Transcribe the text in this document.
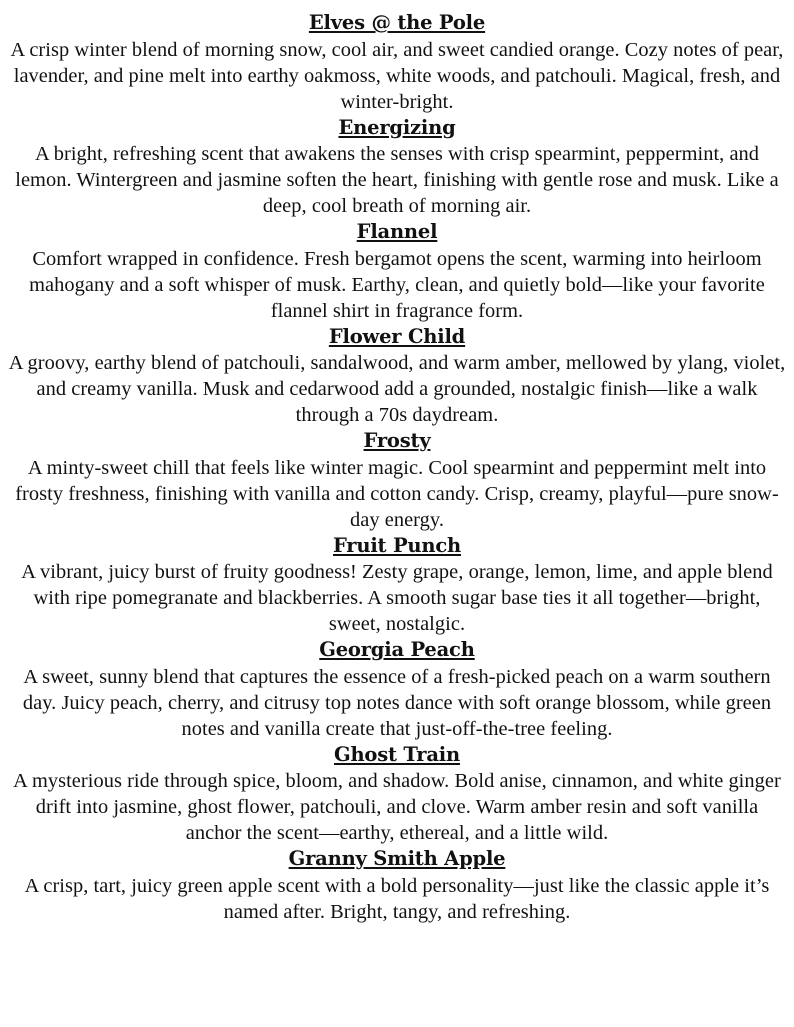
Elves @ the Pole

A crisp winter blend of morning snow, cool air, and sweet candied orange. Cozy notes of pear, lavender, and pine melt into earthy oakmoss, white woods, and patchouli. Magical, fresh, and winter-bright.

Energizing

A bright, refreshing scent that awakens the senses with crisp spearmint, peppermint, and lemon. Wintergreen and jasmine soften the heart, finishing with gentle rose and musk. Like a deep, cool breath of morning air.

Flannel

Comfort wrapped in confidence. Fresh bergamot opens the scent, warming into heirloom mahogany and a soft whisper of musk. Earthy, clean, and quietly bold—like your favorite flannel shirt in fragrance form.

Flower Child

A groovy, earthy blend of patchouli, sandalwood, and warm amber, mellowed by ylang, violet, and creamy vanilla. Musk and cedarwood add a grounded, nostalgic finish—like a walk through a 70s daydream.

Frosty

A minty-sweet chill that feels like winter magic. Cool spearmint and peppermint melt into frosty freshness, finishing with vanilla and cotton candy. Crisp, creamy, playful—pure snow-day energy.

Fruit Punch

A vibrant, juicy burst of fruity goodness! Zesty grape, orange, lemon, lime, and apple blend with ripe pomegranate and blackberries. A smooth sugar base ties it all together—bright, sweet, nostalgic.

Georgia Peach

A sweet, sunny blend that captures the essence of a fresh-picked peach on a warm southern day. Juicy peach, cherry, and citrusy top notes dance with soft orange blossom, while green notes and vanilla create that just-off-the-tree feeling.

Ghost Train

A mysterious ride through spice, bloom, and shadow. Bold anise, cinnamon, and white ginger drift into jasmine, ghost flower, patchouli, and clove. Warm amber resin and soft vanilla anchor the scent—earthy, ethereal, and a little wild.

Granny Smith Apple

A crisp, tart, juicy green apple scent with a bold personality—just like the classic apple it’s named after. Bright, tangy, and refreshing.
